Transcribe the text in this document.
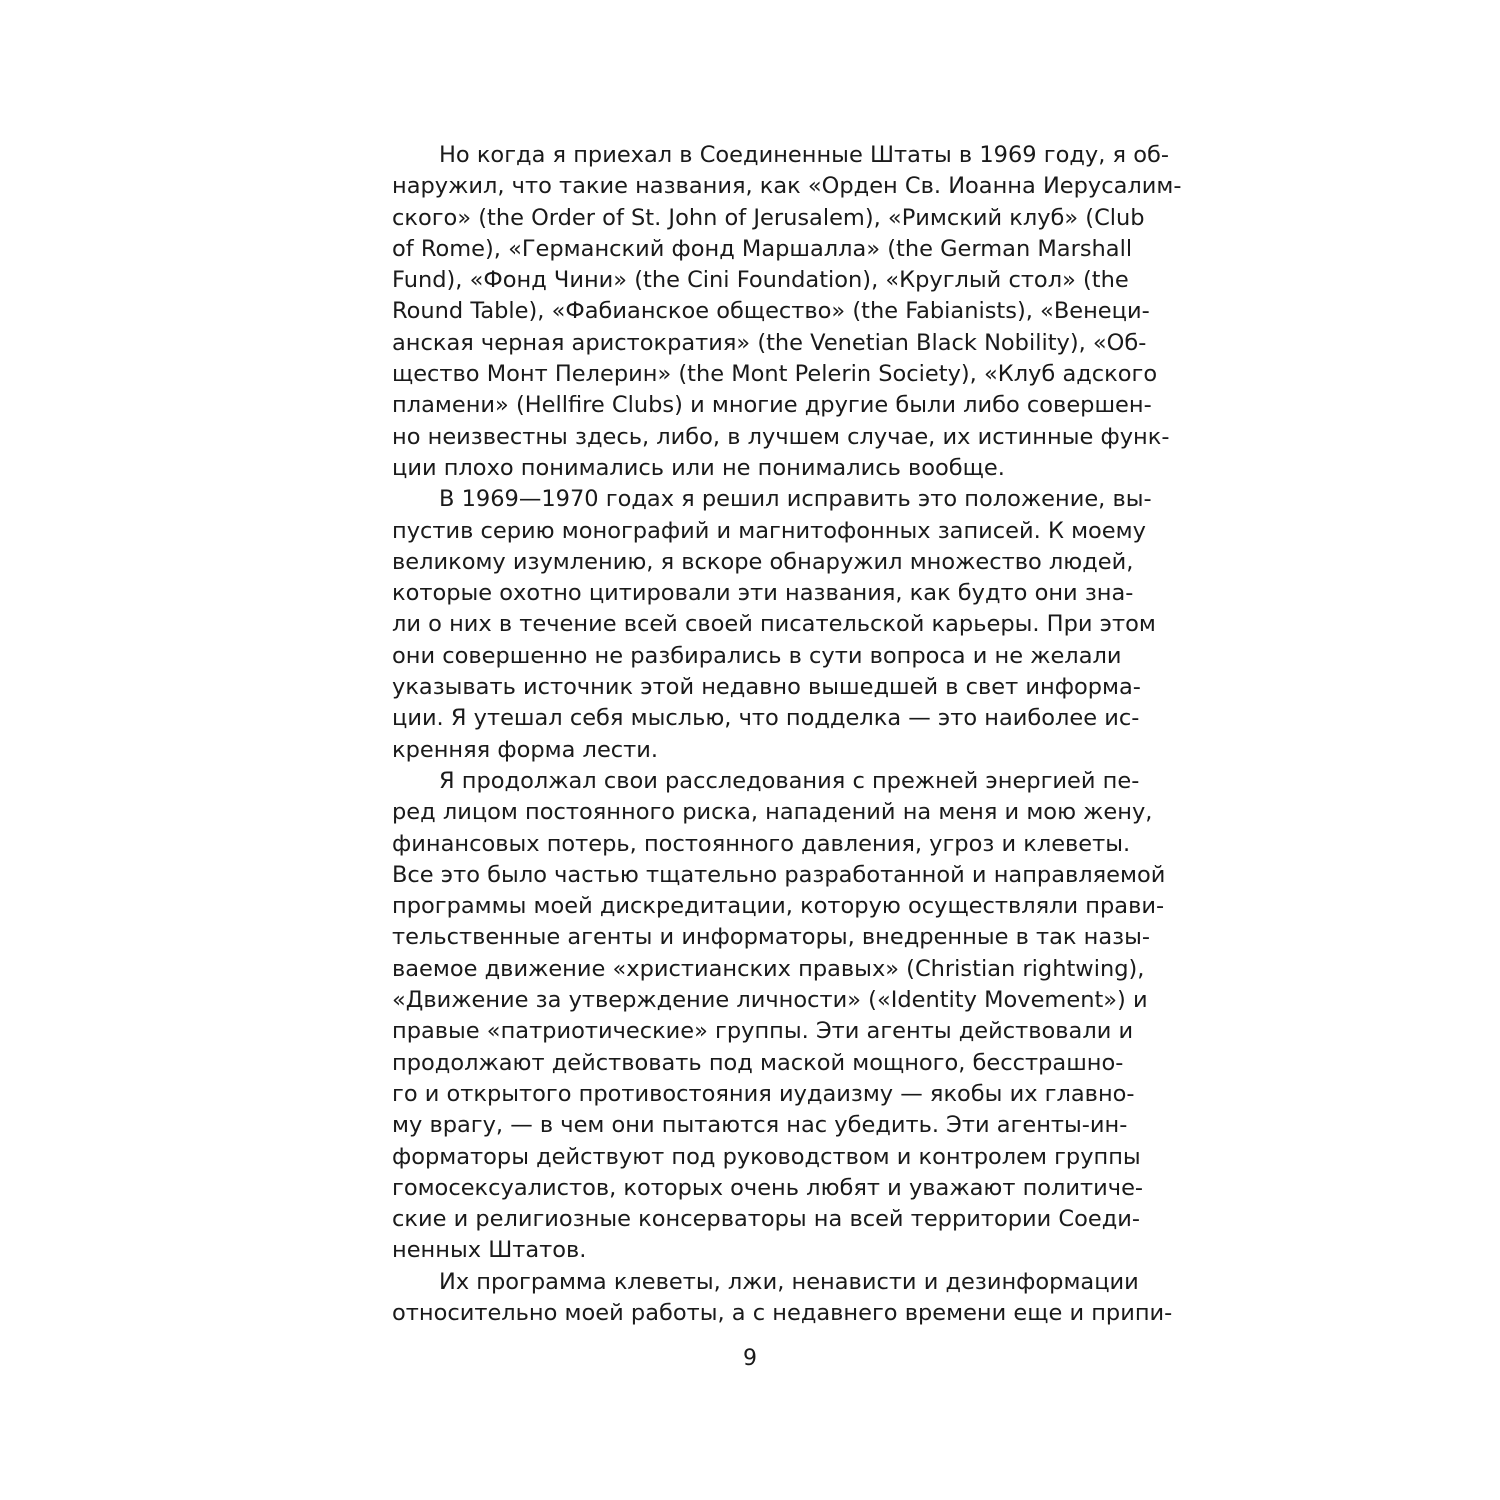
Но когда я приехал в Соединенные Штаты в 1969 году, я об-
наружил, что такие названия, как «Орден Св. Иоанна Иерусалим-
ского» (the Order of St. John of Jerusalem), «Римский клуб» (Club
of Rome), «Германский фонд Маршалла» (the German Marshall
Fund), «Фонд Чини» (the Cini Foundation), «Круглый стол» (the
Round Table), «Фабианское общество» (the Fabianists), «Венеци-
анская черная аристократия» (the Venetian Black Nobility), «Об-
щество Монт Пелерин» (the Mont Pelerin Society), «Клуб адского
пламени» (Hellfire Clubs) и многие другие были либо совершен-
но неизвестны здесь, либо, в лучшем случае, их истинные функ-
ции плохо понимались или не понимались вообще.
В 1969—1970 годах я решил исправить это положение, вы-
пустив серию монографий и магнитофонных записей. К моему
великому изумлению, я вскоре обнаружил множество людей,
которые охотно цитировали эти названия, как будто они зна-
ли о них в течение всей своей писательской карьеры. При этом
они совершенно не разбирались в сути вопроса и не желали
указывать источник этой недавно вышедшей в свет информа-
ции. Я утешал себя мыслью, что подделка — это наиболее ис-
кренняя форма лести.
Я продолжал свои расследования с прежней энергией пе-
ред лицом постоянного риска, нападений на меня и мою жену,
финансовых потерь, постоянного давления, угроз и клеветы.
Все это было частью тщательно разработанной и направляемой
программы моей дискредитации, которую осуществляли прави-
тельственные агенты и информаторы, внедренные в так назы-
ваемое движение «христианских правых» (Christian rightwing),
«Движение за утверждение личности» («Identity Movement») и
правые «патриотические» группы. Эти агенты действовали и
продолжают действовать под маской мощного, бесстрашно-
го и открытого противостояния иудаизму — якобы их главно-
му врагу, — в чем они пытаются нас убедить. Эти агенты-ин-
форматоры действуют под руководством и контролем группы
гомосексуалистов, которых очень любят и уважают политиче-
ские и религиозные консерваторы на всей территории Соеди-
ненных Штатов.
Их программа клеветы, лжи, ненависти и дезинформации
относительно моей работы, а с недавнего времени еще и припи-
9
